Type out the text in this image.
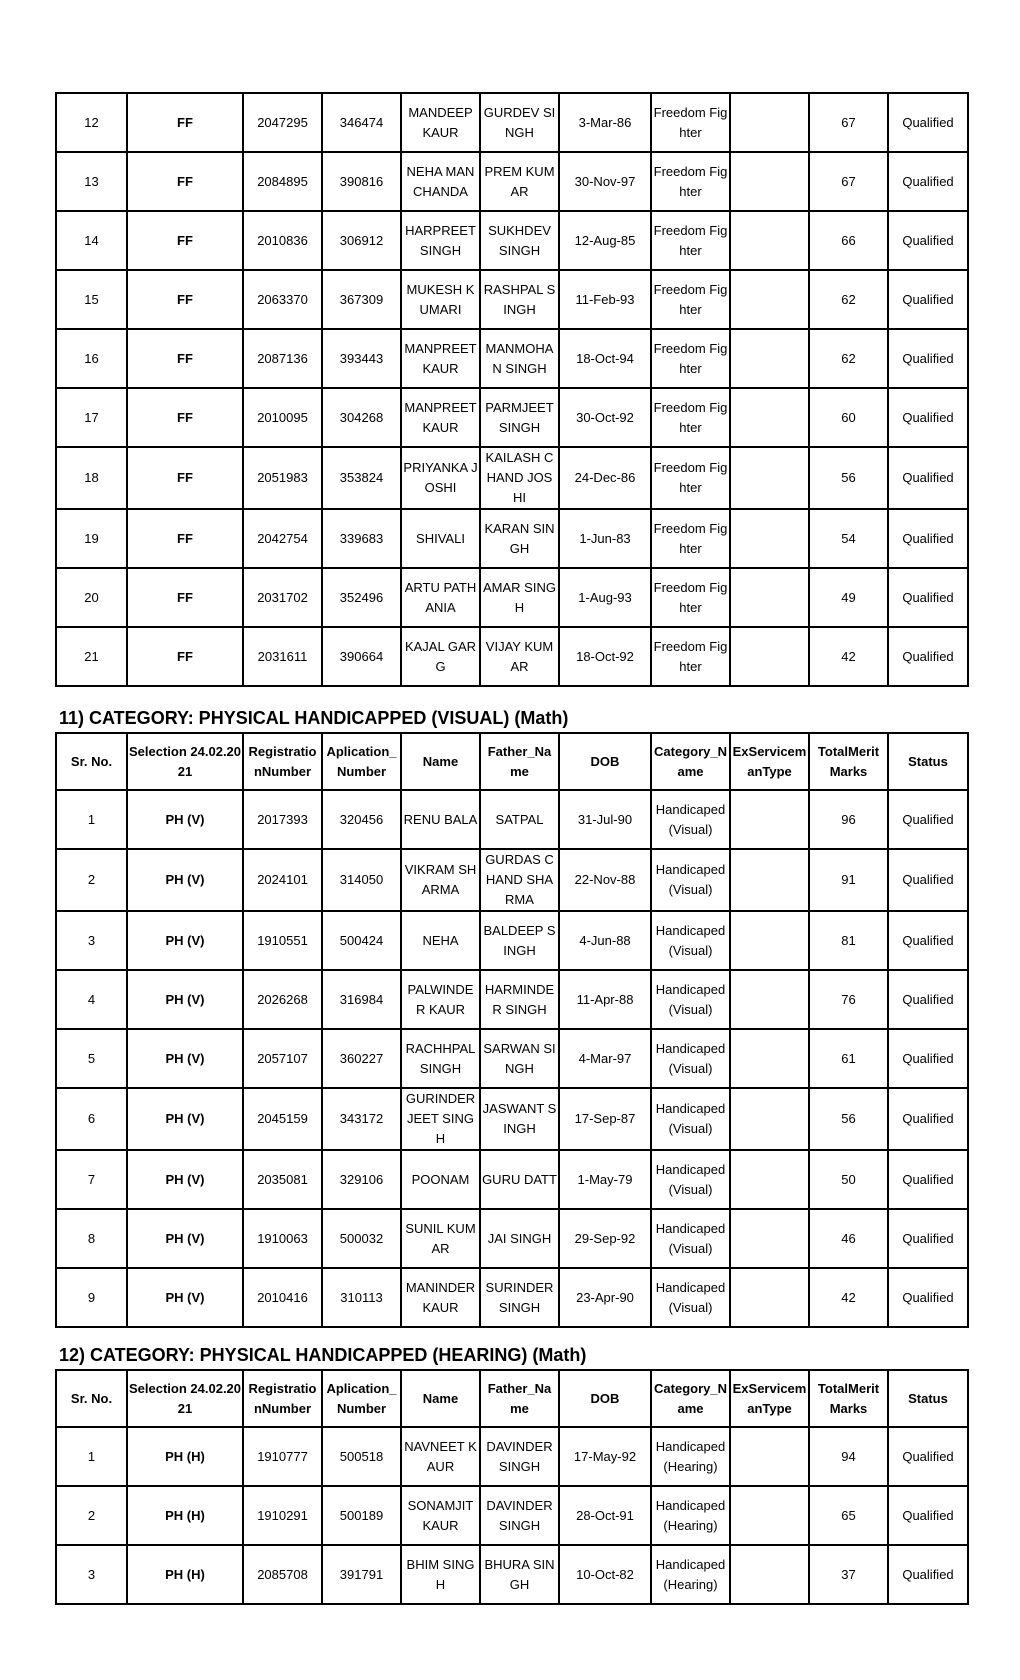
12	FF	2047295	346474	MANDEEP KAUR	GURDEV SINGH	3-Mar-86	Freedom Fighter		67	Qualified
13	FF	2084895	390816	NEHA MANCHANDA	PREM KUMAR	30-Nov-97	Freedom Fighter		67	Qualified
14	FF	2010836	306912	HARPREET SINGH	SUKHDEV SINGH	12-Aug-85	Freedom Fighter		66	Qualified
15	FF	2063370	367309	MUKESH KUMARI	RASHPAL SINGH	11-Feb-93	Freedom Fighter		62	Qualified
16	FF	2087136	393443	MANPREET KAUR	MANMOHAN SINGH	18-Oct-94	Freedom Fighter		62	Qualified
17	FF	2010095	304268	MANPREET KAUR	PARMJEET SINGH	30-Oct-92	Freedom Fighter		60	Qualified
18	FF	2051983	353824	PRIYANKA JOSHI	KAILASH CHAND JOSHI	24-Dec-86	Freedom Fighter		56	Qualified
19	FF	2042754	339683	SHIVALI	KARAN SINGH	1-Jun-83	Freedom Fighter		54	Qualified
20	FF	2031702	352496	ARTU PATHANIA	AMAR SINGH	1-Aug-93	Freedom Fighter		49	Qualified
21	FF	2031611	390664	KAJAL GARG	VIJAY KUMAR	18-Oct-92	Freedom Fighter		42	Qualified
11) CATEGORY: PHYSICAL HANDICAPPED (VISUAL) (Math)
Sr. No.	Selection 24.02.2021	RegistrationNumber	Aplication_Number	Name	Father_Name	DOB	Category_Name	ExServicemanType	TotalMerit Marks	Status
1	PH (V)	2017393	320456	RENU BALA	SATPAL	31-Jul-90	Handicaped (Visual)		96	Qualified
2	PH (V)	2024101	314050	VIKRAM SHARMA	GURDAS CHAND SHARMA	22-Nov-88	Handicaped (Visual)		91	Qualified
3	PH (V)	1910551	500424	NEHA	BALDEEP SINGH	4-Jun-88	Handicaped (Visual)		81	Qualified
4	PH (V)	2026268	316984	PALWINDER KAUR	HARMINDER SINGH	11-Apr-88	Handicaped (Visual)		76	Qualified
5	PH (V)	2057107	360227	RACHHPAL SINGH	SARWAN SINGH	4-Mar-97	Handicaped (Visual)		61	Qualified
6	PH (V)	2045159	343172	GURINDERJEET SINGH	JASWANT SINGH	17-Sep-87	Handicaped (Visual)		56	Qualified
7	PH (V)	2035081	329106	POONAM	GURU DATT	1-May-79	Handicaped (Visual)		50	Qualified
8	PH (V)	1910063	500032	SUNIL KUMAR	JAI SINGH	29-Sep-92	Handicaped (Visual)		46	Qualified
9	PH (V)	2010416	310113	MANINDER KAUR	SURINDER SINGH	23-Apr-90	Handicaped (Visual)		42	Qualified
12) CATEGORY: PHYSICAL HANDICAPPED (HEARING) (Math)
Sr. No.	Selection 24.02.2021	RegistrationNumber	Aplication_Number	Name	Father_Name	DOB	Category_Name	ExServicemanType	TotalMerit Marks	Status
1	PH (H)	1910777	500518	NAVNEET KAUR	DAVINDER SINGH	17-May-92	Handicaped (Hearing)		94	Qualified
2	PH (H)	1910291	500189	SONAMJIT KAUR	DAVINDER SINGH	28-Oct-91	Handicaped (Hearing)		65	Qualified
3	PH (H)	2085708	391791	BHIM SINGH	BHURA SINGH	10-Oct-82	Handicaped (Hearing)		37	Qualified
